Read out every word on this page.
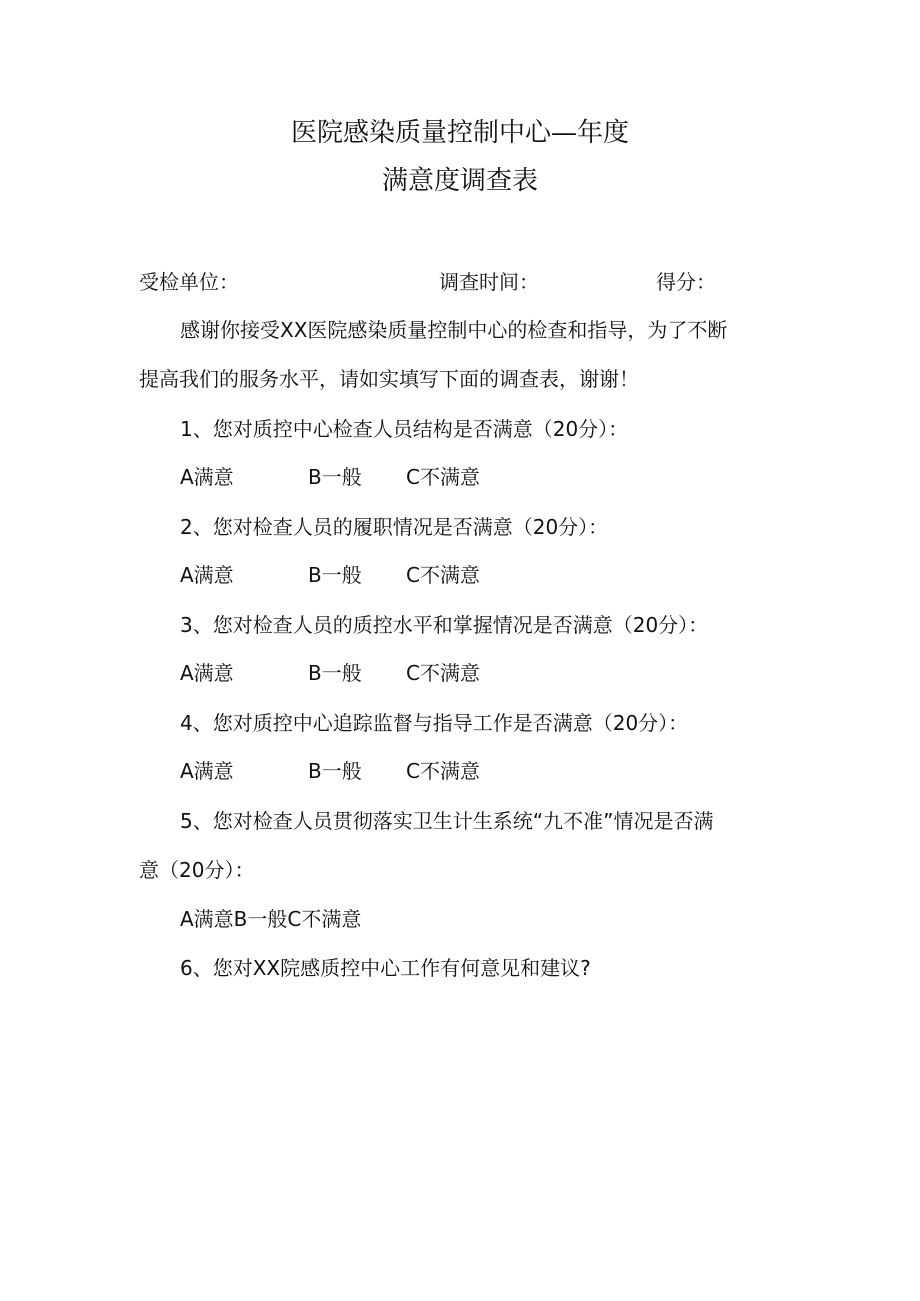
医院感染质量控制中心—年度
满意度调查表
受检单位：	调查时间：	得分：
感谢你接受XX医院感染质量控制中心的检查和指导，为了不断
提高我们的服务水平，请如实填写下面的调查表，谢谢！
1、您对质控中心检查人员结构是否满意（20分）：
A满意	B一般 C不满意
2、您对检查人员的履职情况是否满意（20分）：
A满意	B一般 C不满意
3、您对检查人员的质控水平和掌握情况是否满意（20分）：
A满意	B一般 C不满意
4、您对质控中心追踪监督与指导工作是否满意（20分）：
A满意	B一般 C不满意
5、您对检查人员贯彻落实卫生计生系统“九不准”情况是否满
意（20分）：
A满意B一般C不满意
6、您对XX院感质控中心工作有何意见和建议?
